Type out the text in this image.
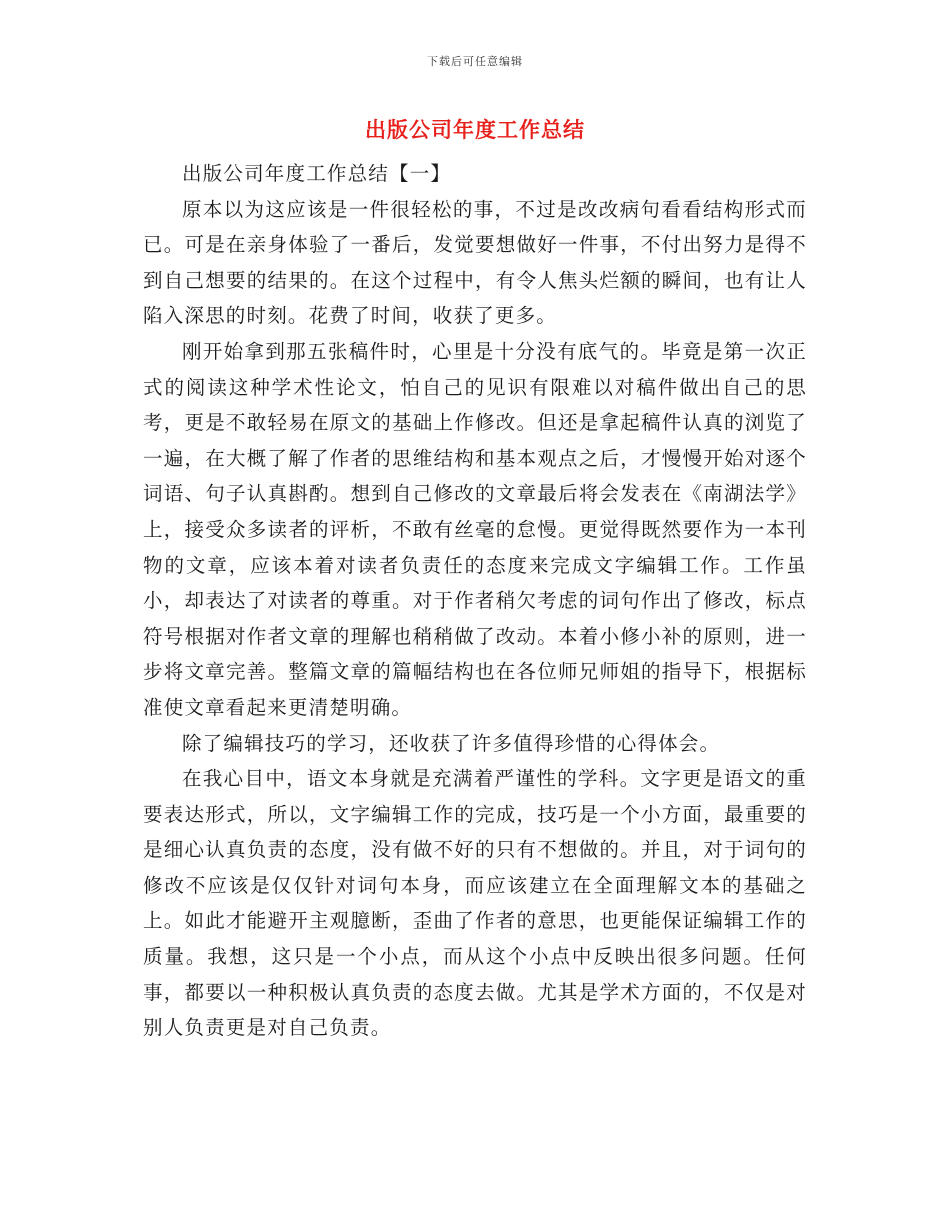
下载后可任意编辑
出版公司年度工作总结

出版公司年度工作总结【一】

原本以为这应该是一件很轻松的事，不过是改改病句看看结构形式而已。可是在亲身体验了一番后，发觉要想做好一件事，不付出努力是得不到自己想要的结果的。在这个过程中，有令人焦头烂额的瞬间，也有让人陷入深思的时刻。花费了时间，收获了更多。

刚开始拿到那五张稿件时，心里是十分没有底气的。毕竟是第一次正式的阅读这种学术性论文，怕自己的见识有限难以对稿件做出自己的思考，更是不敢轻易在原文的基础上作修改。但还是拿起稿件认真的浏览了一遍，在大概了解了作者的思维结构和基本观点之后，才慢慢开始对逐个词语、句子认真斟酌。想到自己修改的文章最后将会发表在《南湖法学》上，接受众多读者的评析，不敢有丝毫的怠慢。更觉得既然要作为一本刊物的文章，应该本着对读者负责任的态度来完成文字编辑工作。工作虽小，却表达了对读者的尊重。对于作者稍欠考虑的词句作出了修改，标点符号根据对作者文章的理解也稍稍做了改动。本着小修小补的原则，进一步将文章完善。整篇文章的篇幅结构也在各位师兄师姐的指导下，根据标准使文章看起来更清楚明确。

除了编辑技巧的学习，还收获了许多值得珍惜的心得体会。

在我心目中，语文本身就是充满着严谨性的学科。文字更是语文的重要表达形式，所以，文字编辑工作的完成，技巧是一个小方面，最重要的是细心认真负责的态度，没有做不好的只有不想做的。并且，对于词句的修改不应该是仅仅针对词句本身，而应该建立在全面理解文本的基础之上。如此才能避开主观臆断，歪曲了作者的意思，也更能保证编辑工作的质量。我想，这只是一个小点，而从这个小点中反映出很多问题。任何事，都要以一种积极认真负责的态度去做。尤其是学术方面的，不仅是对别人负责更是对自己负责。
